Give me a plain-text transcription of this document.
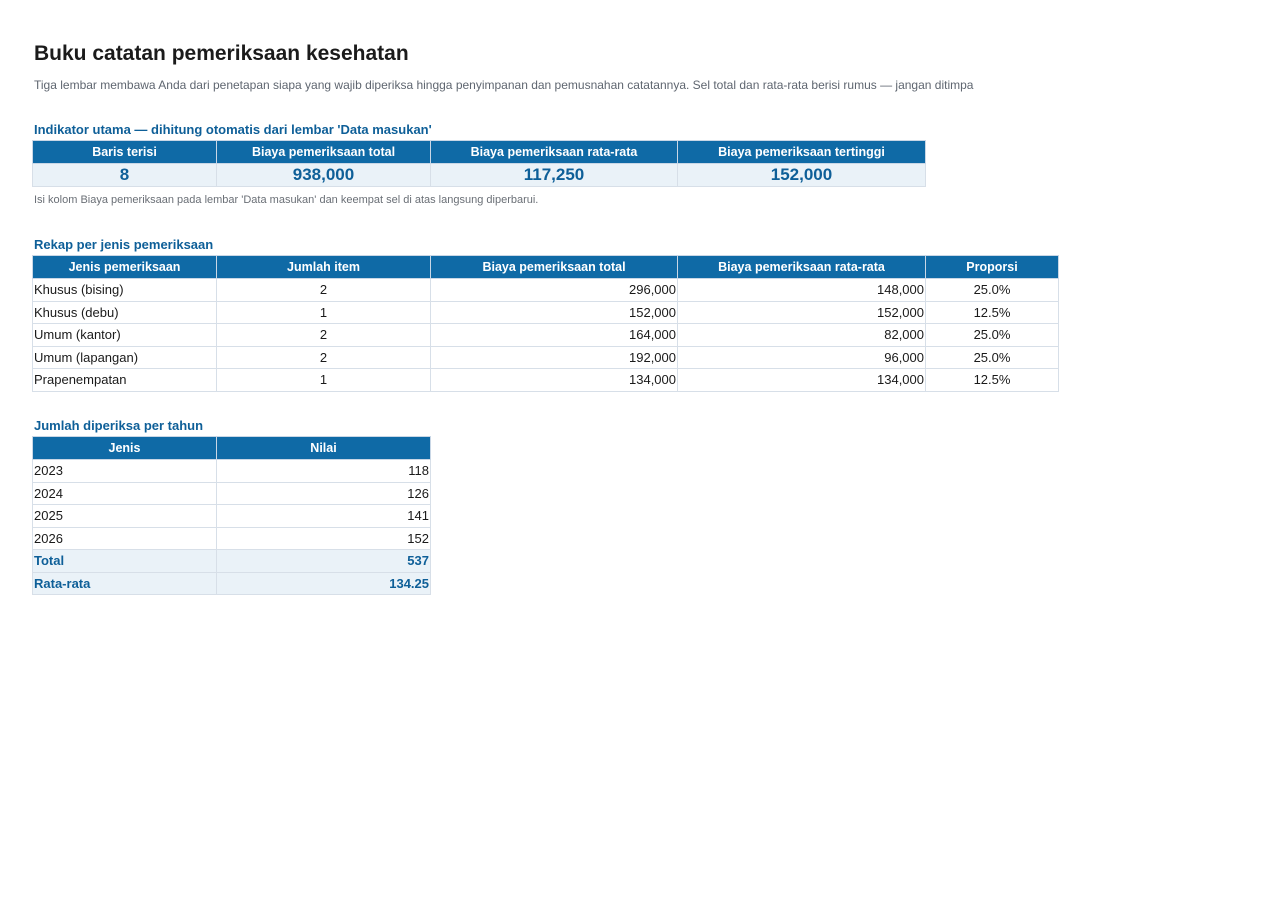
Buku catatan pemeriksaan kesehatan
Tiga lembar membawa Anda dari penetapan siapa yang wajib diperiksa hingga penyimpanan dan pemusnahan catatannya. Sel total dan rata-rata berisi rumus — jangan ditimpa
Indikator utama — dihitung otomatis dari lembar 'Data masukan'
Baris terisi	Biaya pemeriksaan total	Biaya pemeriksaan rata-rata	Biaya pemeriksaan tertinggi
8	938,000	117,250	152,000
Isi kolom Biaya pemeriksaan pada lembar 'Data masukan' dan keempat sel di atas langsung diperbarui.
Rekap per jenis pemeriksaan
Jenis pemeriksaan	Jumlah item	Biaya pemeriksaan total	Biaya pemeriksaan rata-rata	Proporsi
Khusus (bising)	2	296,000	148,000	25.0%
Khusus (debu)	1	152,000	152,000	12.5%
Umum (kantor)	2	164,000	82,000	25.0%
Umum (lapangan)	2	192,000	96,000	25.0%
Prapenempatan	1	134,000	134,000	12.5%
Jumlah diperiksa per tahun
Jenis	Nilai
2023	118
2024	126
2025	141
2026	152
Total	537
Rata-rata	134.25
